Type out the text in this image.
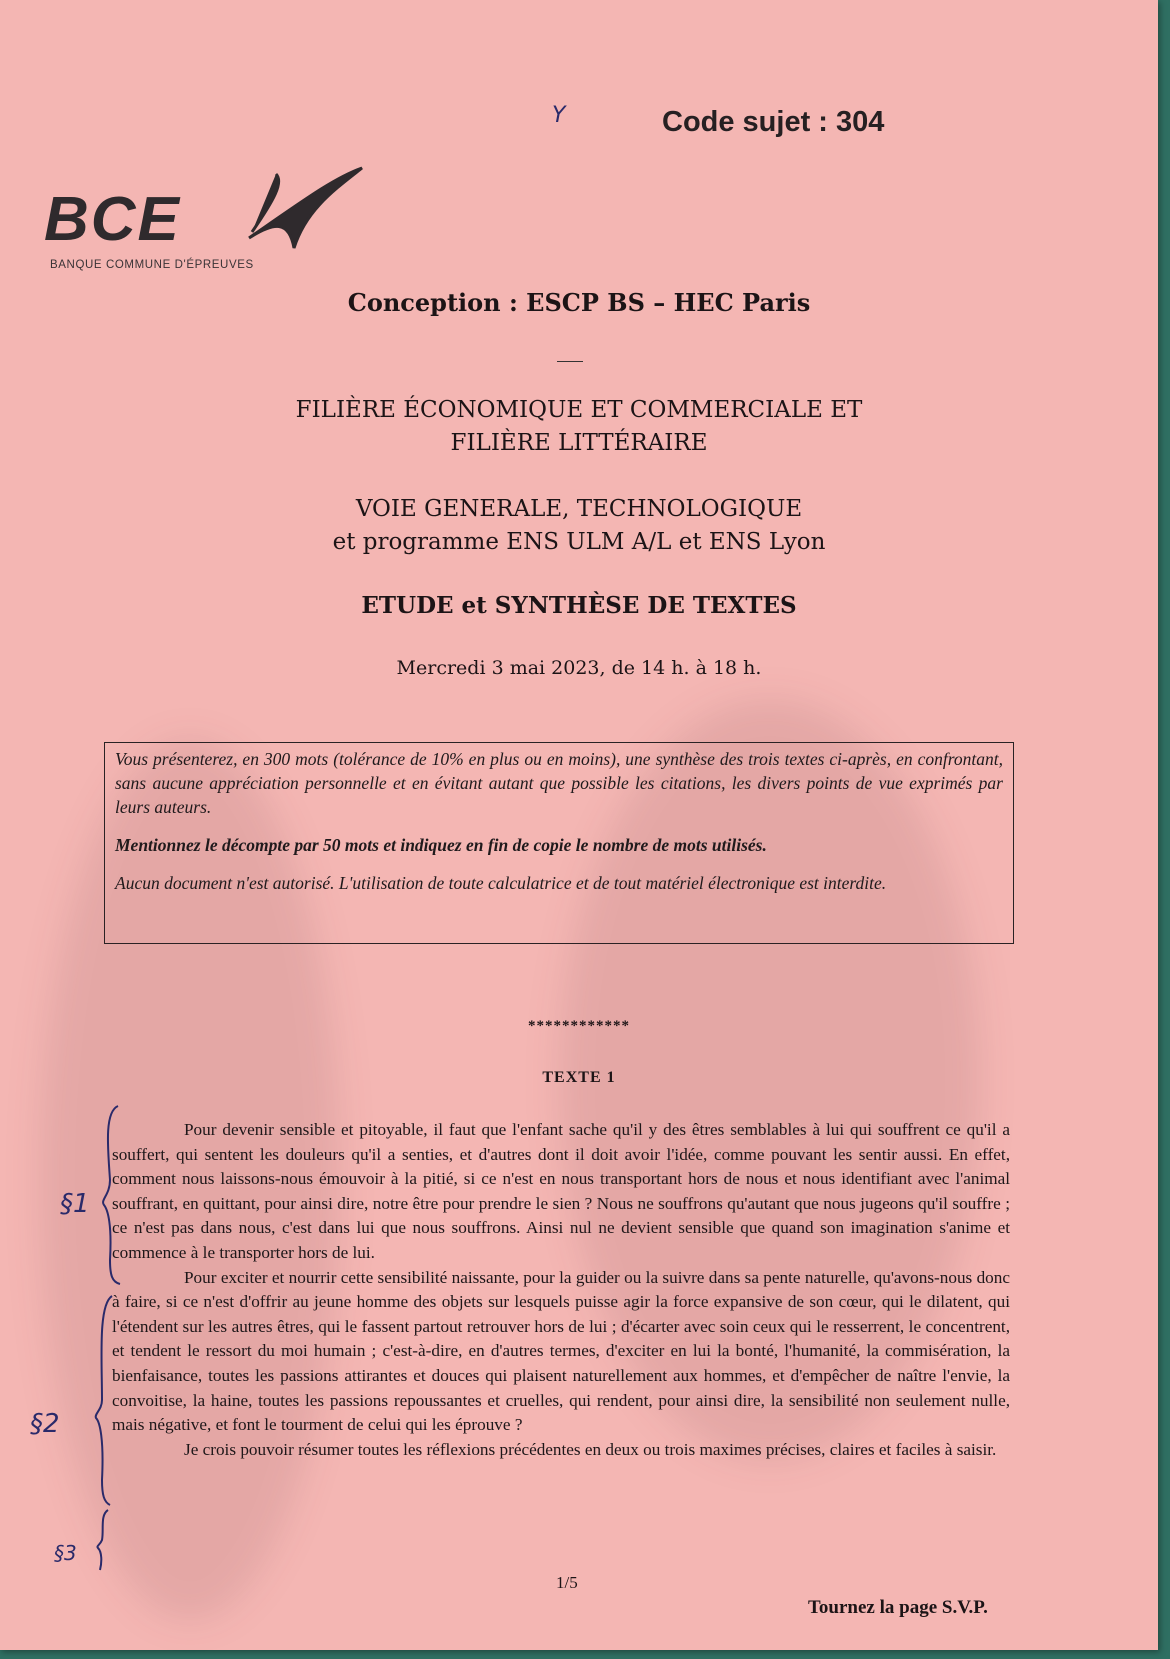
Code sujet : 304
BCE
BANQUE COMMUNE D'ÉPREUVES
Conception : ESCP BS – HEC Paris
FILIÈRE ÉCONOMIQUE ET COMMERCIALE ET
FILIÈRE LITTÉRAIRE
VOIE GENERALE, TECHNOLOGIQUE
et programme ENS ULM A/L et ENS Lyon
ETUDE et SYNTHÈSE DE TEXTES
Mercredi 3 mai 2023, de 14 h. à 18 h.

Vous présenterez, en 300 mots (tolérance de 10% en plus ou en moins), une synthèse des trois textes ci-après, en confrontant, sans aucune appréciation personnelle et en évitant autant que possible les citations, les divers points de vue exprimés par leurs auteurs.

Mentionnez le décompte par 50 mots et indiquez en fin de copie le nombre de mots utilisés.

Aucun document n'est autorisé. L'utilisation de toute calculatrice et de tout matériel électronique est interdite.

************
TEXTE 1

Pour devenir sensible et pitoyable, il faut que l'enfant sache qu'il y des êtres semblables à lui qui souffrent ce qu'il a souffert, qui sentent les douleurs qu'il a senties, et d'autres dont il doit avoir l'idée, comme pouvant les sentir aussi. En effet, comment nous laissons-nous émouvoir à la pitié, si ce n'est en nous transportant hors de nous et nous identifiant avec l'animal souffrant, en quittant, pour ainsi dire, notre être pour prendre le sien ? Nous ne souffrons qu'autant que nous jugeons qu'il souffre ; ce n'est pas dans nous, c'est dans lui que nous souffrons. Ainsi nul ne devient sensible que quand son imagination s'anime et commence à le transporter hors de lui.

Pour exciter et nourrir cette sensibilité naissante, pour la guider ou la suivre dans sa pente naturelle, qu'avons-nous donc à faire, si ce n'est d'offrir au jeune homme des objets sur lesquels puisse agir la force expansive de son cœur, qui le dilatent, qui l'étendent sur les autres êtres, qui le fassent partout retrouver hors de lui ; d'écarter avec soin ceux qui le resserrent, le concentrent, et tendent le ressort du moi humain ; c'est-à-dire, en d'autres termes, d'exciter en lui la bonté, l'humanité, la commisération, la bienfaisance, toutes les passions attirantes et douces qui plaisent naturellement aux hommes, et d'empêcher de naître l'envie, la convoitise, la haine, toutes les passions repoussantes et cruelles, qui rendent, pour ainsi dire, la sensibilité non seulement nulle, mais négative, et font le tourment de celui qui les éprouve ?

Je crois pouvoir résumer toutes les réflexions précédentes en deux ou trois maximes précises, claires et faciles à saisir.

1/5
Tournez la page S.V.P.
§1
§2
§3
Y
